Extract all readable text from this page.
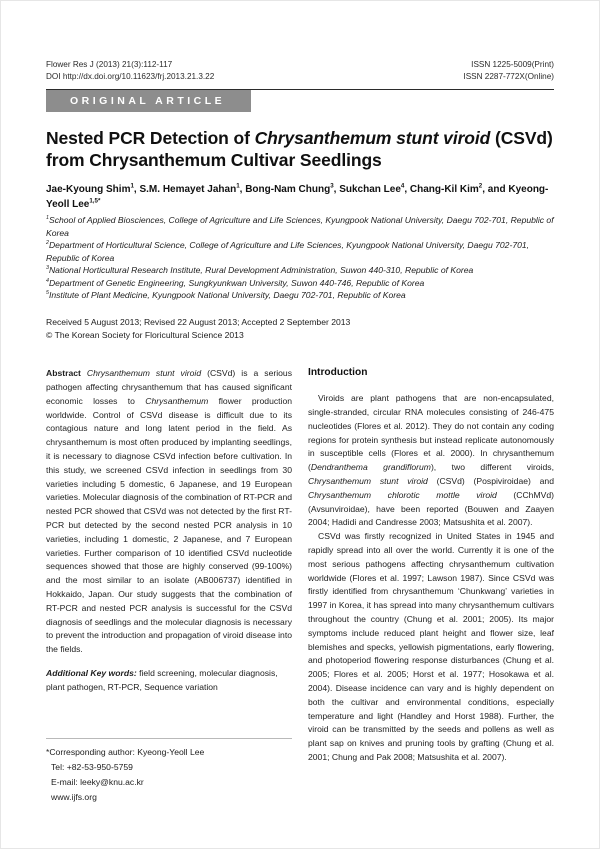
Flower Res J (2013) 21(3):112-117
DOI http://dx.doi.org/10.11623/frj.2013.21.3.22
ISSN 1225-5009(Print)
ISSN 2287-772X(Online)
ORIGINAL ARTICLE
Nested PCR Detection of Chrysanthemum stunt viroid (CSVd) from Chrysanthemum Cultivar Seedlings
Jae-Kyoung Shim$^1$, S.M. Hemayet Jahan$^1$, Bong-Nam Chung$^3$, Sukchan Lee$^4$, Chang-Kil Kim$^2$, and Kyeong-Yeoll Lee$^{1,5*}$
$^1$School of Applied Biosciences, College of Agriculture and Life Sciences, Kyungpook National University, Daegu 702-701, Republic of Korea
$^2$Department of Horticultural Science, College of Agriculture and Life Sciences, Kyungpook National University, Daegu 702-701, Republic of Korea
$^3$National Horticultural Research Institute, Rural Development Administration, Suwon 440-310, Republic of Korea
$^4$Department of Genetic Engineering, Sungkyunkwan University, Suwon 440-746, Republic of Korea
$^5$Institute of Plant Medicine, Kyungpook National University, Daegu 702-701, Republic of Korea
Received 5 August 2013; Revised 22 August 2013; Accepted 2 September 2013
© The Korean Society for Floricultural Science 2013

Abstract Chrysanthemum stunt viroid (CSVd) is a serious pathogen affecting chrysanthemum that has caused significant economic losses to Chrysanthemum flower production worldwide. Control of CSVd disease is difficult due to its contagious nature and long latent period in the field. As chrysanthemum is most often produced by implanting seedlings, it is necessary to diagnose CSVd infection before cultivation. In this study, we screened CSVd infection in seedlings from 30 varieties including 5 domestic, 6 Japanese, and 19 European varieties. Molecular diagnosis of the combination of RT-PCR and nested PCR showed that CSVd was not detected by the first RT-PCR but detected by the second nested PCR analysis in 10 varieties, including 1 domestic, 2 Japanese, and 7 European varieties. Further comparison of 10 identified CSVd nucleotide sequences showed that those are highly conserved (99-100%) and the most similar to an isolate (AB006737) identified in Hokkaido, Japan. Our study suggests that the combination of RT-PCR and nested PCR analysis is successful for the CSVd diagnosis of seedlings and the molecular diagnosis is necessary to prevent the introduction and propagation of viroid disease into the fields.

Additional Key words: field screening, molecular diagnosis, plant pathogen, RT-PCR, Sequence variation

*Corresponding author: Kyeong-Yeoll Lee
Tel: +82-53-950-5759
E-mail: leeky@knu.ac.kr
www.ijfs.org
Introduction

Viroids are plant pathogens that are non-encapsulated, single-stranded, circular RNA molecules consisting of 246-475 nucleotides (Flores et al. 2012). They do not contain any coding regions for protein synthesis but instead replicate autonomously in susceptible cells (Flores et al. 2000). In chrysanthemum (Dendranthema grandiflorum), two different viroids, Chrysanthemum stunt viroid (CSVd) (Pospiviroidae) and Chrysanthemum chlorotic mottle viroid (CChMVd) (Avsunviroidae), have been reported (Bouwen and Zaayen 2004; Hadidi and Candresse 2003; Matsushita et al. 2007).

CSVd was firstly recognized in United States in 1945 and rapidly spread into all over the world. Currently it is one of the most serious pathogens affecting chrysanthemum cultivation worldwide (Flores et al. 1997; Lawson 1987). Since CSVd was firstly identified from chrysanthemum ‘Chunkwang’ varieties in 1997 in Korea, it has spread into many chrysanthemum cultivars throughout the country (Chung et al. 2001; 2005). Its major symptoms include reduced plant height and flower size, leaf blemishes and specks, yellowish pigmentations, early flowering, and photoperiod flowering response disturbances (Chung et al. 2005; Flores et al. 2005; Horst et al. 1977; Hosokawa et al. 2004). Disease incidence can vary and is highly dependent on both the cultivar and environmental conditions, especially temperature and light (Handley and Horst 1988). Further, the viroid can be transmitted by the seeds and pollens as well as plant sap on knives and pruning tools by grafting (Chung et al. 2001; Chung and Pak 2008; Matsushita et al. 2007).
